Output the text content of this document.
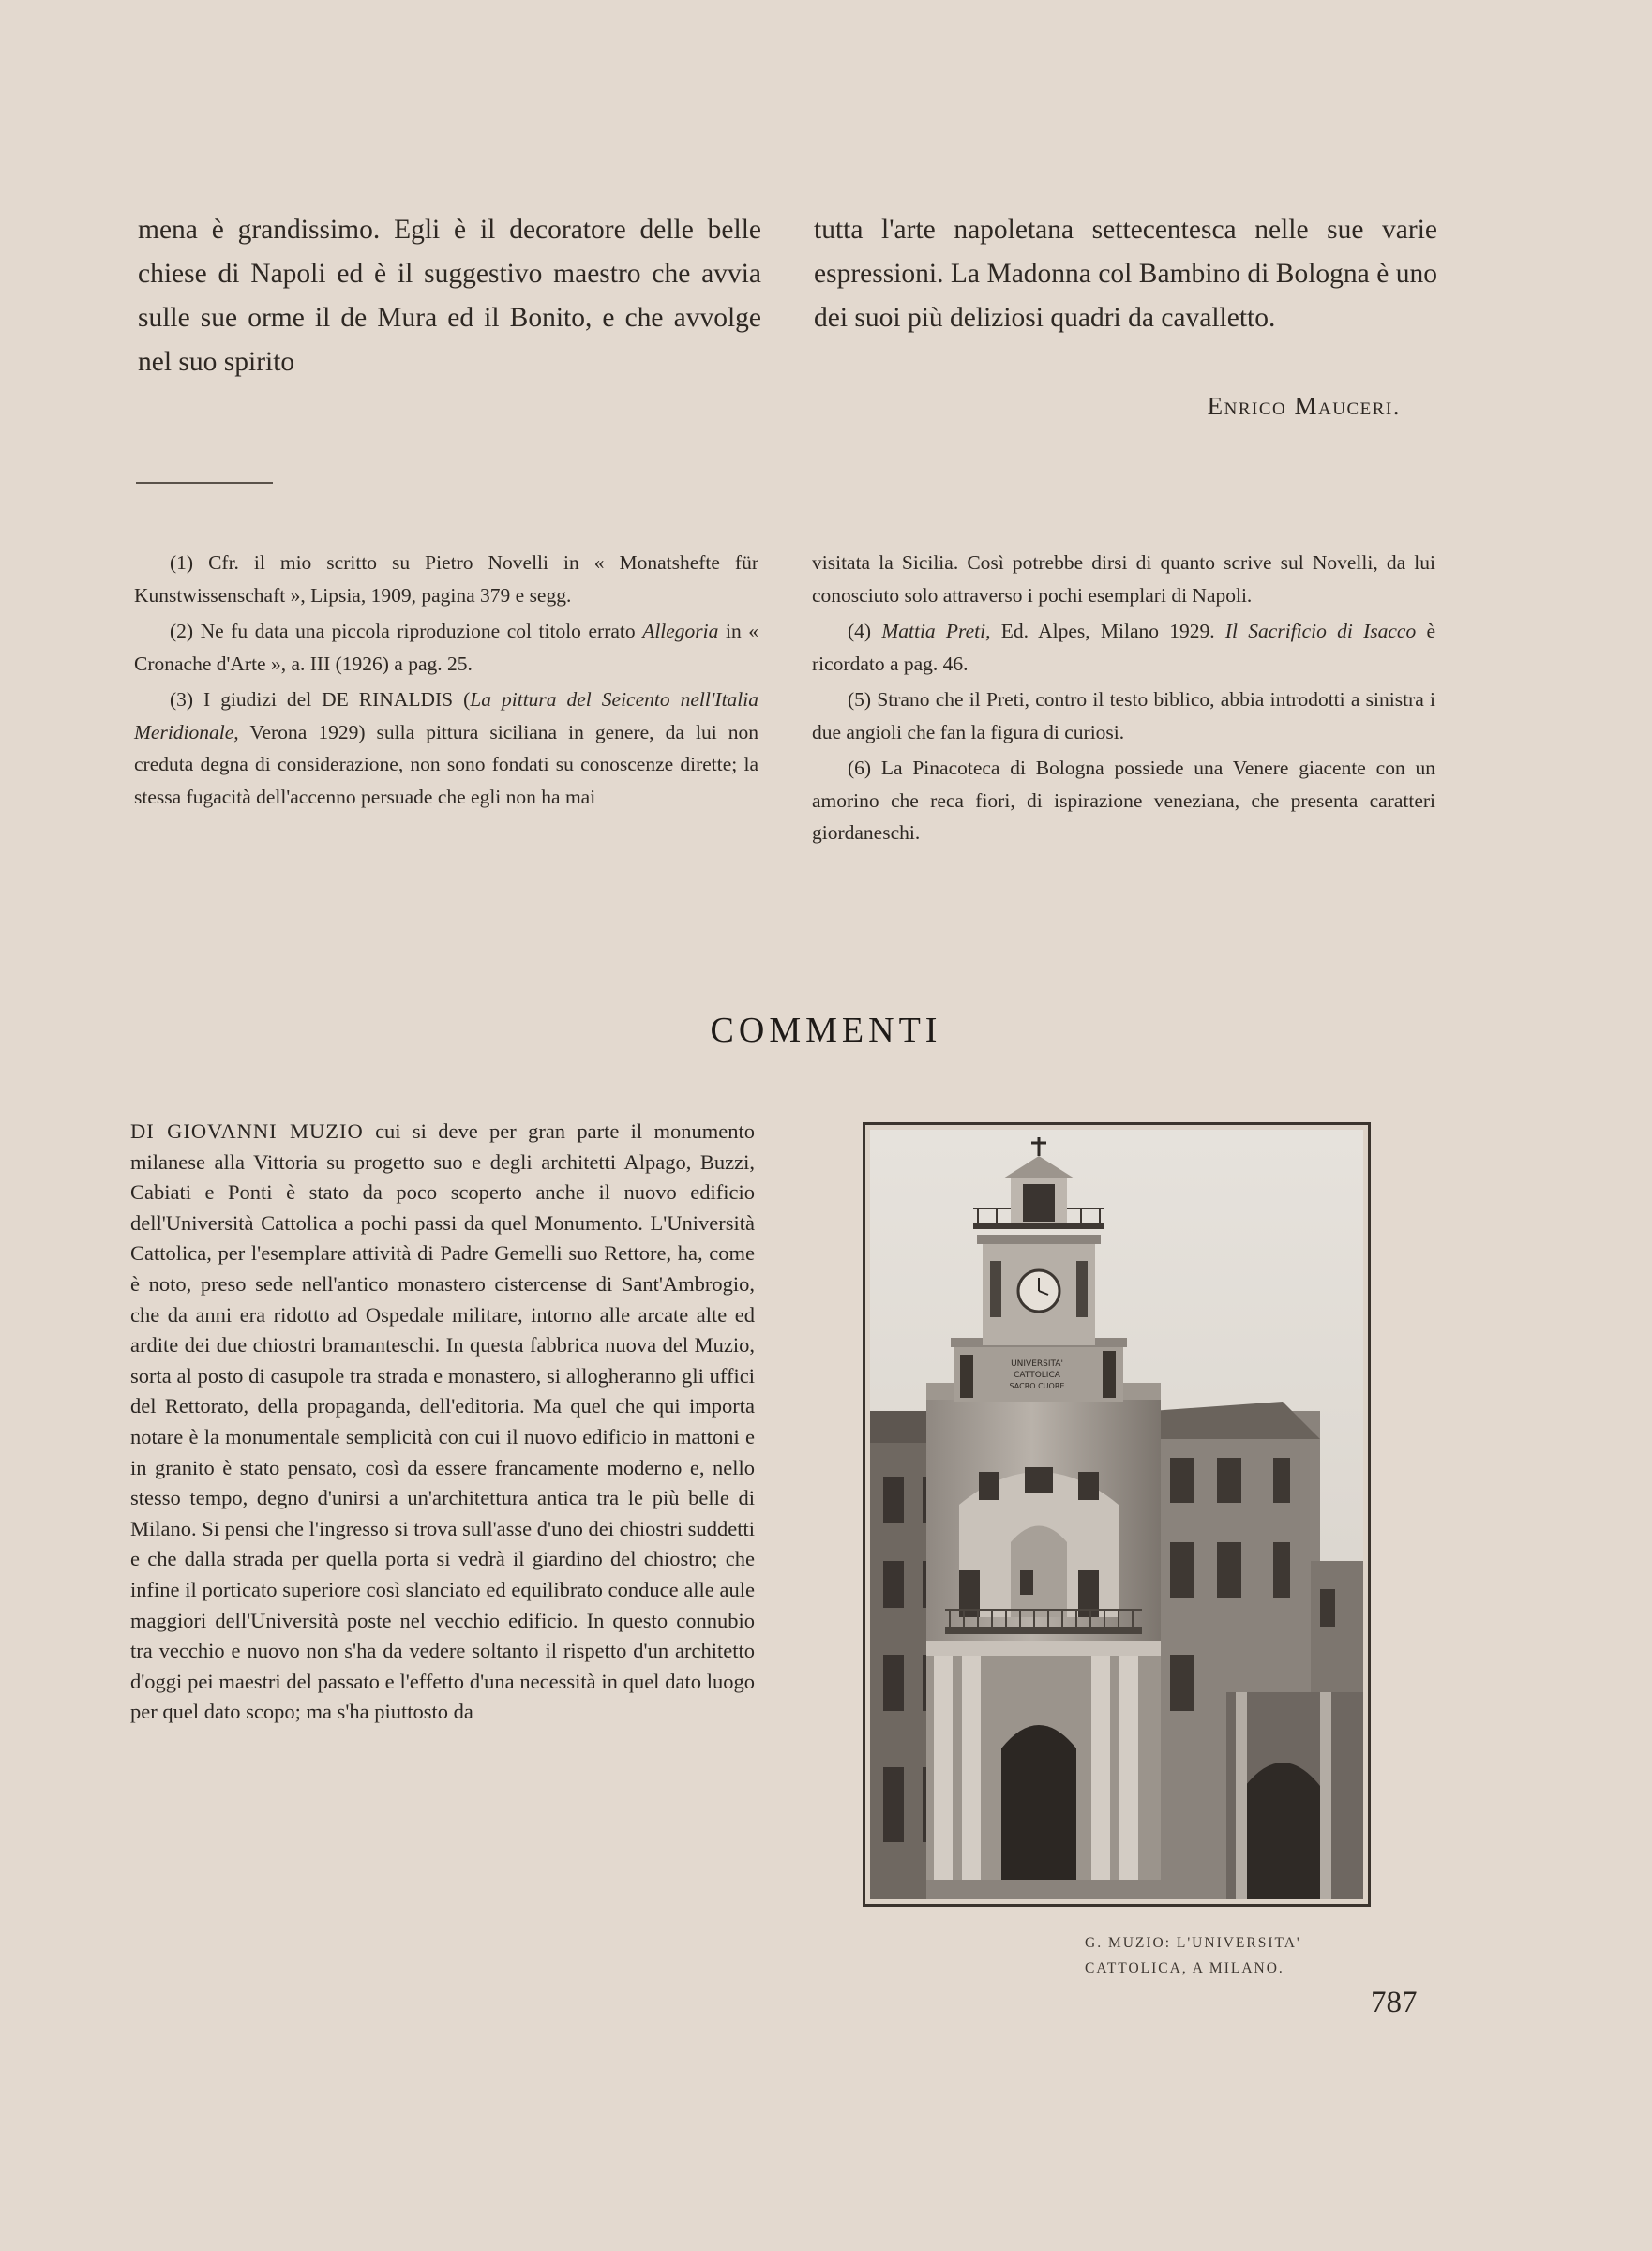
mena è grandissimo. Egli è il decoratore delle belle chiese di Napoli ed è il suggestivo maestro che avvia sulle sue orme il de Mura ed il Bonito, e che avvolge nel suo spirito

tutta l'arte napoletana settecentesca nelle sue varie espressioni. La Madonna col Bambino di Bologna è uno dei suoi più deliziosi quadri da cavalletto.

Enrico Mauceri.

(1) Cfr. il mio scritto su Pietro Novelli in « Monatshefte für Kunstwissenschaft », Lipsia, 1909, pagina 379 e segg.

(2) Ne fu data una piccola riproduzione col titolo errato Allegoria in « Cronache d'Arte », a. III (1926) a pag. 25.

(3) I giudizi del DE RINALDIS (La pittura del Seicento nell'Italia Meridionale, Verona 1929) sulla pittura siciliana in genere, da lui non creduta degna di considerazione, non sono fondati su conoscenze dirette; la stessa fugacità dell'accenno persuade che egli non ha mai

visitata la Sicilia. Così potrebbe dirsi di quanto scrive sul Novelli, da lui conosciuto solo attraverso i pochi esemplari di Napoli.

(4) Mattia Preti, Ed. Alpes, Milano 1929. Il Sacrificio di Isacco è ricordato a pag. 46.

(5) Strano che il Preti, contro il testo biblico, abbia introdotti a sinistra i due angioli che fan la figura di curiosi.

(6) La Pinacoteca di Bologna possiede una Venere giacente con un amorino che reca fiori, di ispirazione veneziana, che presenta caratteri giordaneschi.

COMMENTI
DI GIOVANNI MUZIO cui si deve per gran parte il monumento milanese alla Vittoria su progetto suo e degli architetti Alpago, Buzzi, Cabiati e Ponti è stato da poco scoperto anche il nuovo edificio dell'Università Cattolica a pochi passi da quel Monumento. L'Università Cattolica, per l'esemplare attività di Padre Gemelli suo Rettore, ha, come è noto, preso sede nell'antico monastero cistercense di Sant'Ambrogio, che da anni era ridotto ad Ospedale militare, intorno alle arcate alte ed ardite dei due chiostri bramanteschi. In questa fabbrica nuova del Muzio, sorta al posto di casupole tra strada e monastero, si allogheranno gli uffici del Rettorato, della propaganda, dell'editoria. Ma quel che qui importa notare è la monumentale semplicità con cui il nuovo edificio in mattoni e in granito è stato pensato, così da essere francamente moderno e, nello stesso tempo, degno d'unirsi a un'architettura antica tra le più belle di Milano. Si pensi che l'ingresso si trova sull'asse d'uno dei chiostri suddetti e che dalla strada per quella porta si vedrà il giardino del chiostro; che infine il porticato superiore così slanciato ed equilibrato conduce alle aule maggiori dell'Università poste nel vecchio edificio. In questo connubio tra vecchio e nuovo non s'ha da vedere soltanto il rispetto d'un architetto d'oggi pei maestri del passato e l'effetto d'una necessità in quel dato luogo per quel dato scopo; ma s'ha piuttosto da
UNIVERSITA'
CATTOLICA
SACRO CUORE
G. MUZIO: L'UNIVERSITA'
CATTOLICA, A MILANO.
787
